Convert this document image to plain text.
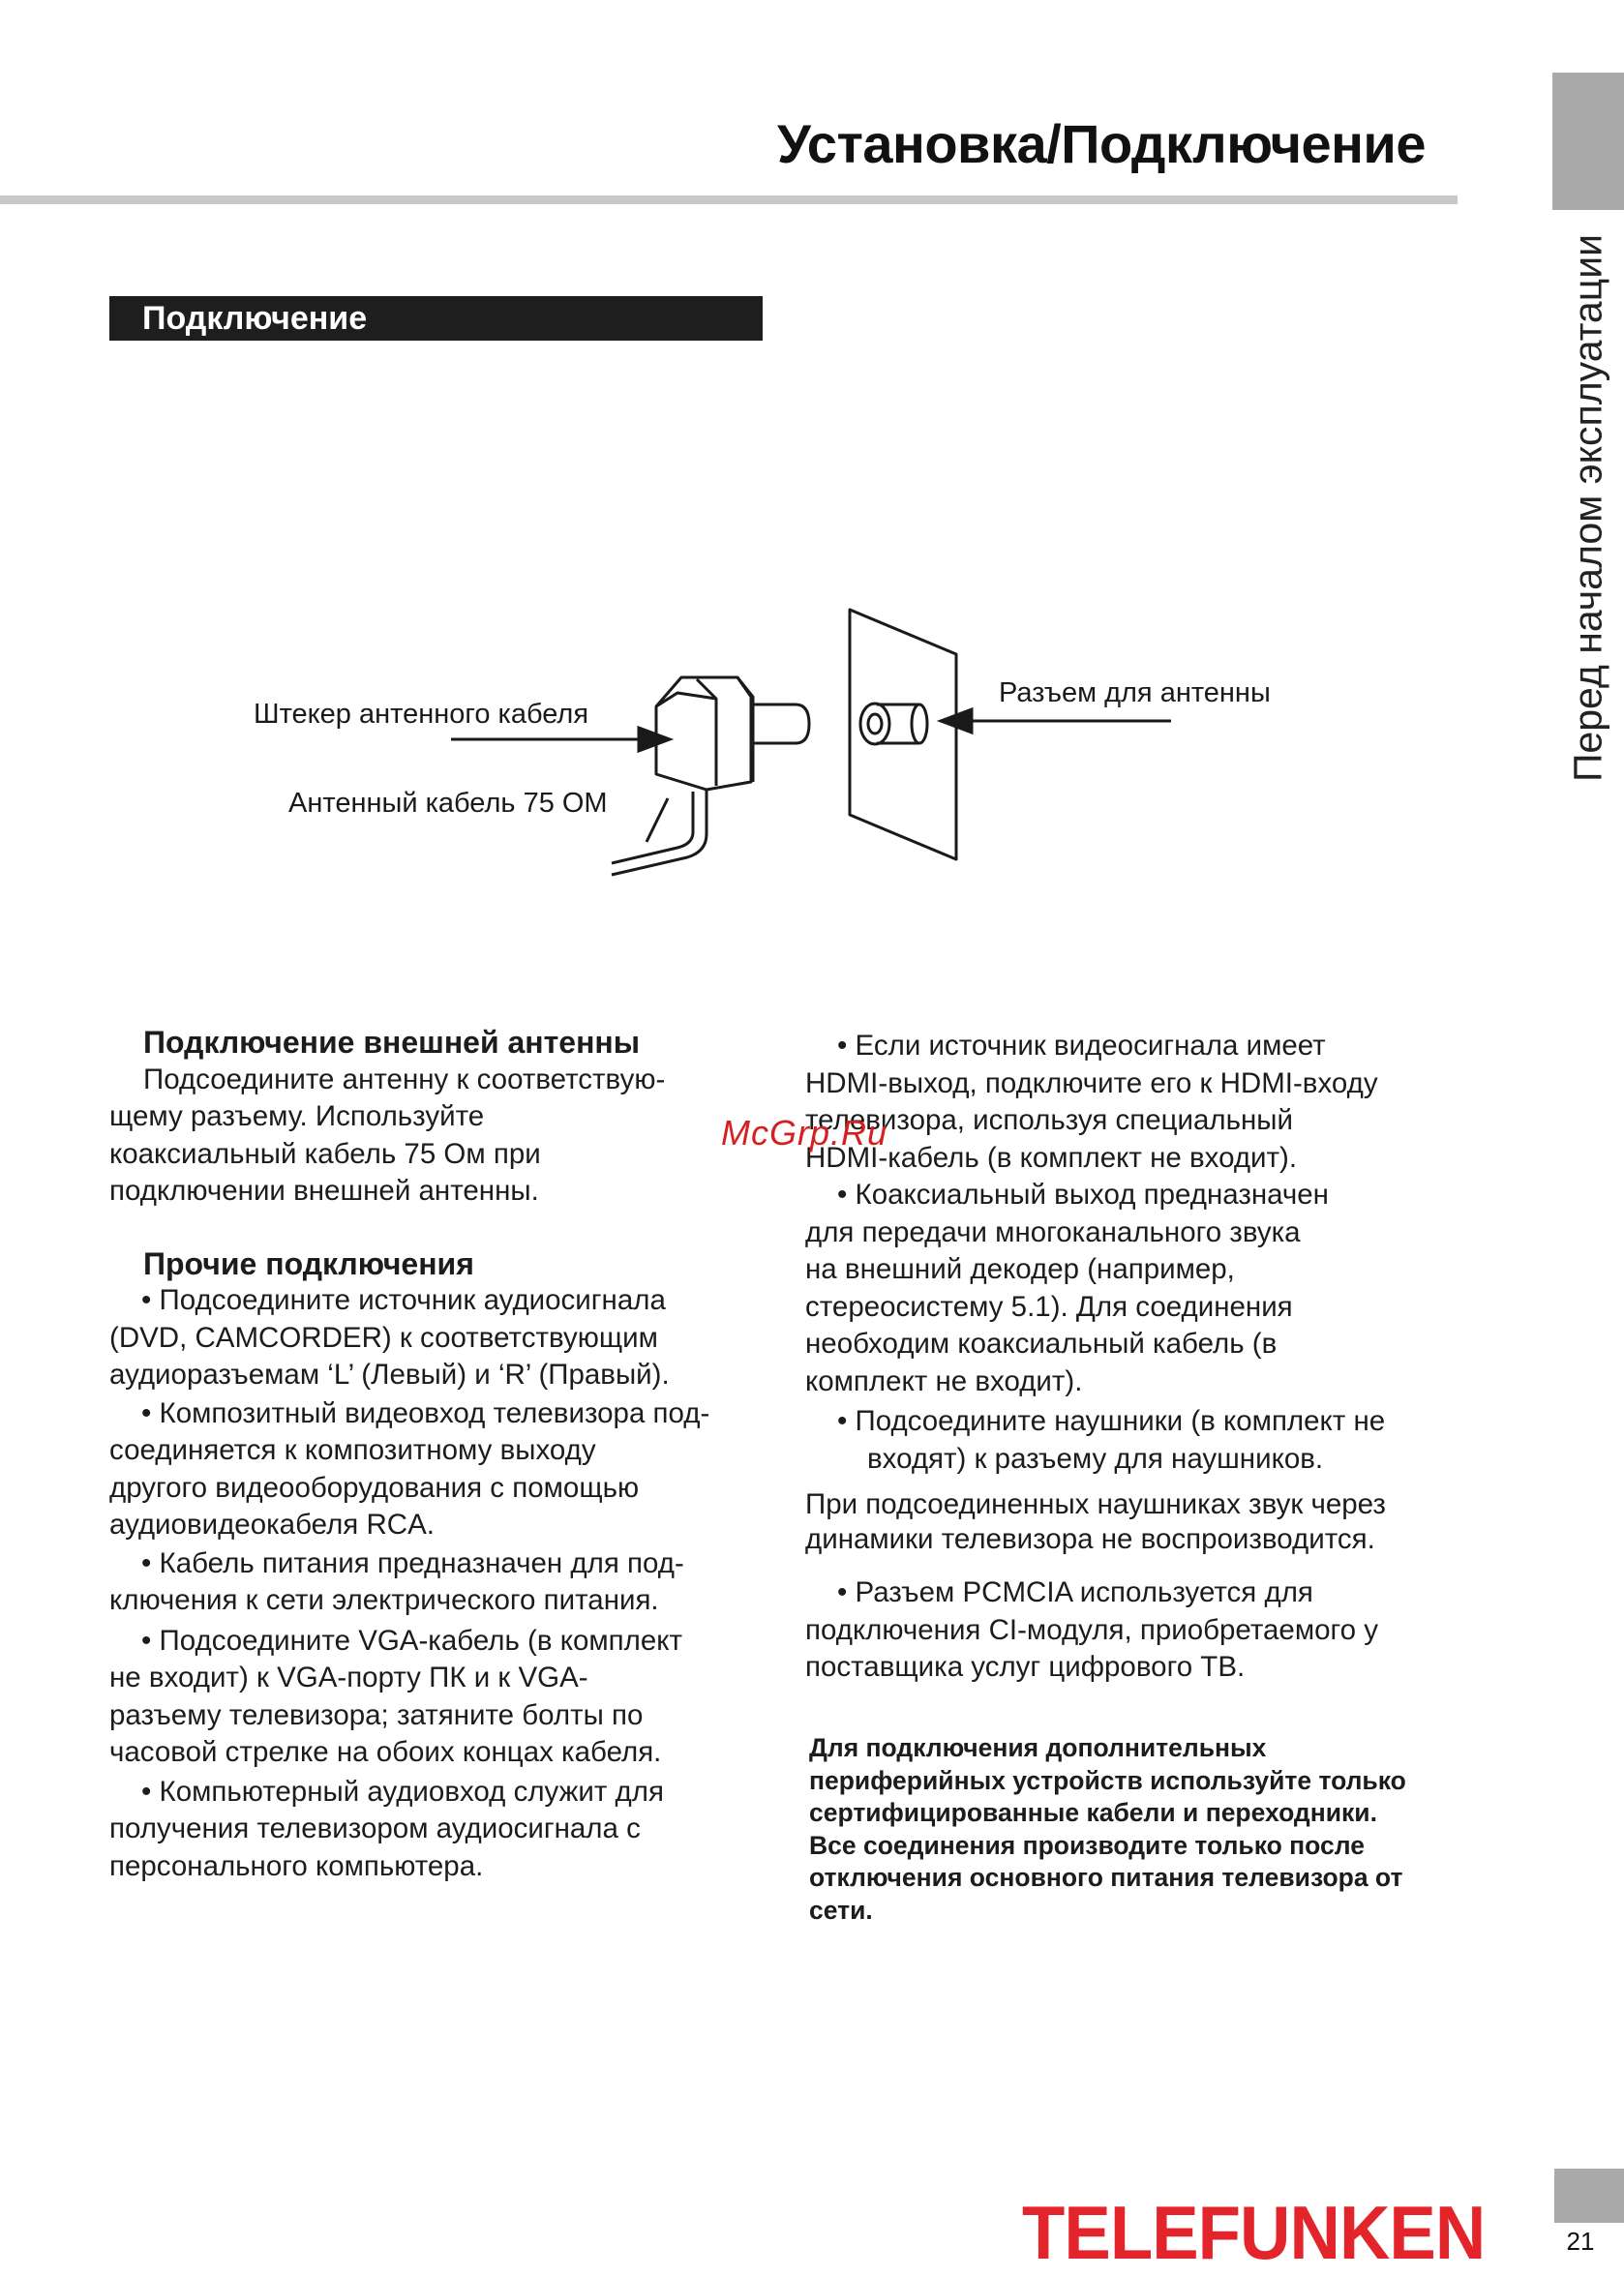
Установка/Подключение
Перед началом эксплуатации
Подключение
Штекер антенного кабеля
Антенный кабель 75 ОМ
Разъем для антенны

Подключение внешней антенны

Подсоедините антенну к соответствую-

щему разъему. Используйте

коаксиальный кабель 75 Ом при

подключении внешней антенны.

Прочие подключения

• Подсоедините источник аудиосигнала

(DVD, CAMCORDER) к соответствующим

аудиоразъемам ‘L’ (Левый) и ‘R’ (Правый).

• Композитный видеовход телевизора под-

соединяется к композитному выходу

другого видеооборудования с помощью

аудиовидеокабеля RCA.

• Кабель питания предназначен для под-

ключения к сети электрического питания.

• Подсоедините VGA-кабель (в комплект

не входит) к VGA-порту ПК и к VGA-

разъему телевизора; затяните болты по

часовой стрелке на обоих концах кабеля.

• Компьютерный аудиовход служит для

получения телевизором аудиосигнала с

персонального компьютера.

• Если источник видеосигнала имеет

HDMI-выход, подключите его к HDMI-входу

телевизора, используя специальный

HDMI-кабель (в комплект не входит).

• Коаксиальный выход предназначен

для передачи многоканального звука

на внешний декодер (например,

стереосистему 5.1). Для соединения

необходим коаксиальный кабель (в

комплект не входит).

• Подсоедините наушники (в комплект не

входят) к разъему для наушников.

При подсоединенных наушниках звук через

динамики телевизора не воспроизводится.

• Разъем PCMCIA используется для

подключения CI-модуля, приобретаемого у

поставщика услуг цифрового ТВ.

Для подключения дополнительных
периферийных устройств используйте только
сертифицированные кабели и переходники.
Все соединения производите только после
отключения основного питания телевизора от
сети.
McGrp.Ru
TELEFUNKEN	21
